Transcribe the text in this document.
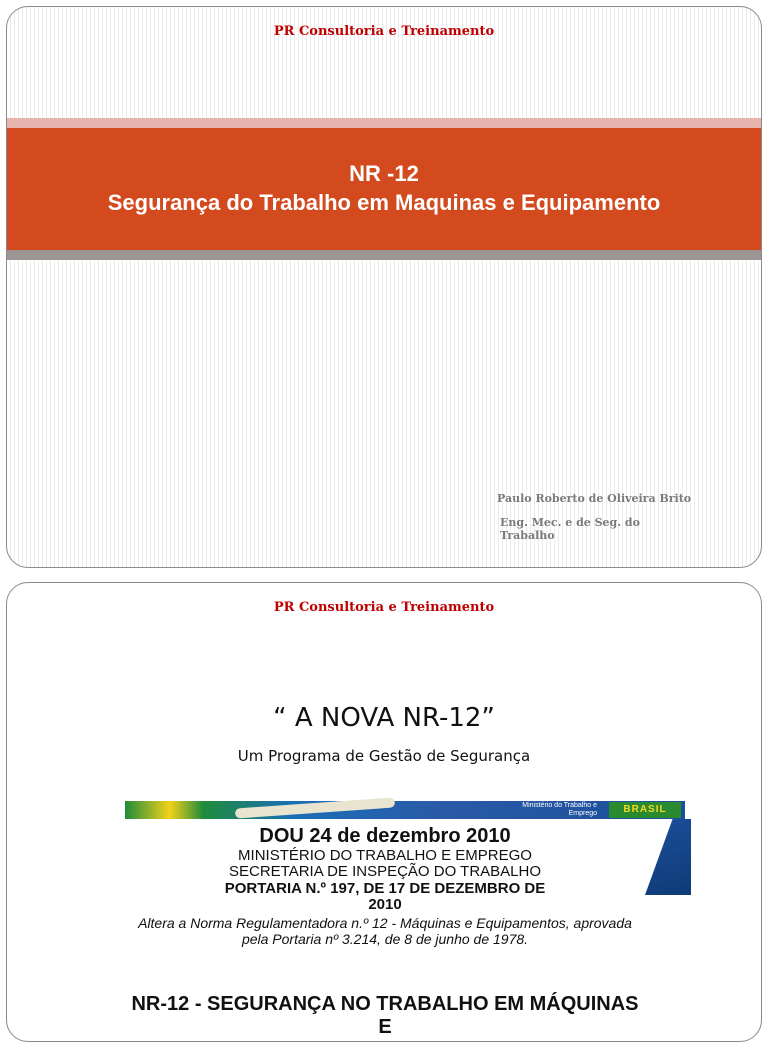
PR Consultoria e Treinamento
NR -12
Segurança do Trabalho em Maquinas e Equipamento
Paulo Roberto de Oliveira Brito
Eng. Mec. e de Seg. do Trabalho
PR Consultoria e Treinamento
“ A NOVA NR-12”
Um Programa de Gestão de Segurança
Ministério do Trabalho e Emprego	BRASIL
DOU 24 de dezembro 2010
MINISTÉRIO DO TRABALHO E EMPREGO
SECRETARIA DE INSPEÇÃO DO TRABALHO
PORTARIA N.º 197, DE 17 DE DEZEMBRO DE
2010
Altera a Norma Regulamentadora n.º 12 - Máquinas e Equipamentos, aprovada pela Portaria nº 3.214, de 8 de junho de 1978.
NR-12 - SEGURANÇA NO TRABALHO EM MÁQUINAS E
